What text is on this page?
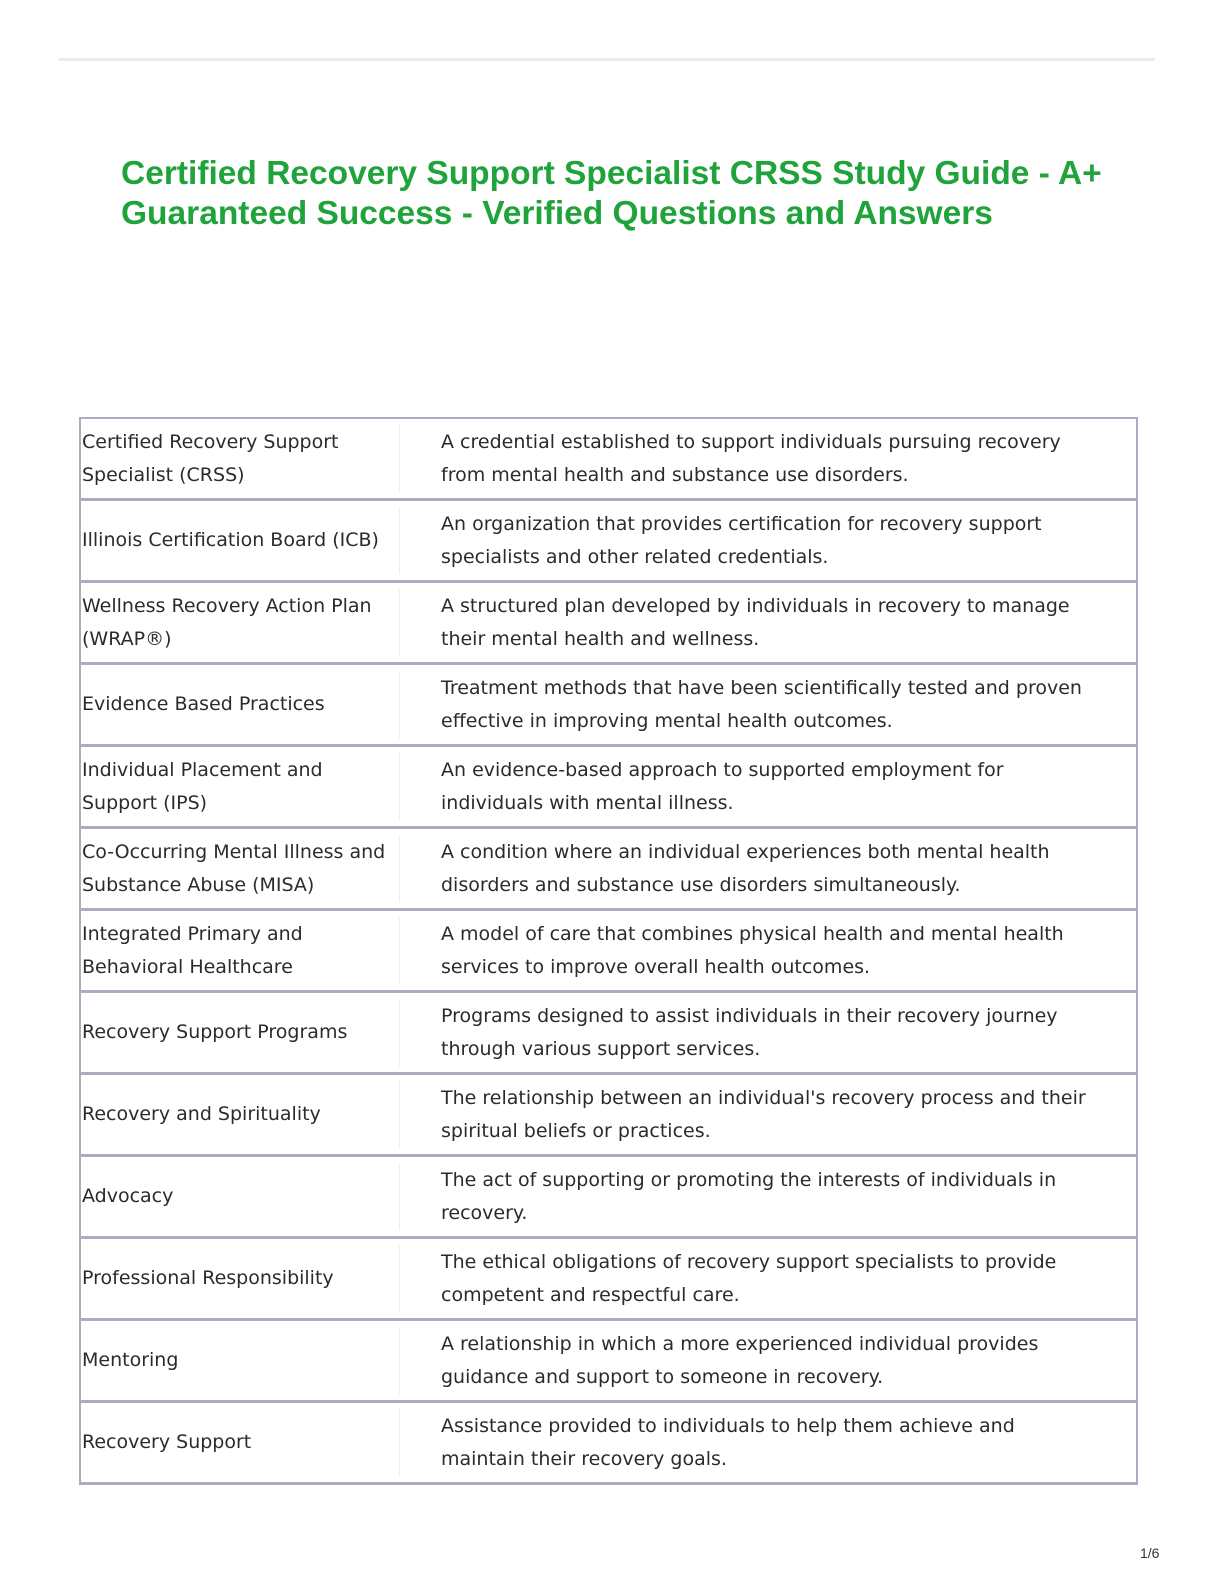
Certified Recovery Support Specialist CRSS Study Guide - A+ Guaranteed Success - Verified Questions and Answers
Certified Recovery Support Specialist (CRSS)
A credential established to support individuals pursuing recovery from mental health and substance use disorders.
Illinois Certification Board (ICB)
An organization that provides certification for recovery support specialists and other related credentials.
Wellness Recovery Action Plan (WRAP®)
A structured plan developed by individuals in recovery to manage their mental health and wellness.
Evidence Based Practices
Treatment methods that have been scientifically tested and proven effective in improving mental health outcomes.
Individual Placement and Support (IPS)
An evidence-based approach to supported employment for individuals with mental illness.
Co-Occurring Mental Illness and Substance Abuse (MISA)
A condition where an individual experiences both mental health disorders and substance use disorders simultaneously.
Integrated Primary and Behavioral Healthcare
A model of care that combines physical health and mental health services to improve overall health outcomes.
Recovery Support Programs
Programs designed to assist individuals in their recovery journey through various support services.
Recovery and Spirituality
The relationship between an individual's recovery process and their spiritual beliefs or practices.
Advocacy
The act of supporting or promoting the interests of individuals in recovery.
Professional Responsibility
The ethical obligations of recovery support specialists to provide competent and respectful care.
Mentoring
A relationship in which a more experienced individual provides guidance and support to someone in recovery.
Recovery Support
Assistance provided to individuals to help them achieve and maintain their recovery goals.
1/6
